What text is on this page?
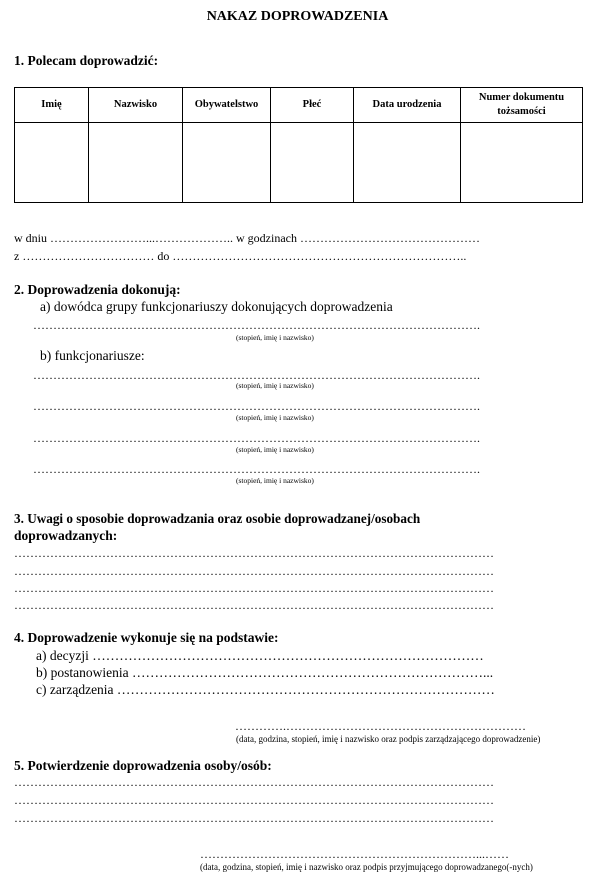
NAKAZ DOPROWADZENIA
1. Polecam doprowadzić:
Imię	Nazwisko	Obywatelstwo	Płeć	Data urodzenia	Numer dokumentu tożsamości

w dniu ……………………...……………….. w godzinach ………………………………………
z …………………………… do ………………………………………………………………..
2. Doprowadzenia dokonują:
a) dowódca grupy funkcjonariuszy dokonujących doprowadzenia
………………………………………………………………………………………………….
(stopień, imię i nazwisko)
b) funkcjonariusze:
………………………………………………………………………………………………….
(stopień, imię i nazwisko)
………………………………………………………………………………………………….
(stopień, imię i nazwisko)
………………………………………………………………………………………………….
(stopień, imię i nazwisko)
………………………………………………………………………………………………….
(stopień, imię i nazwisko)
3. Uwagi o sposobie doprowadzania oraz osobie doprowadzanej/osobach
doprowadzanych:
…………………………………………………………………………………………………………
…………………………………………………………………………………………………………
…………………………………………………………………………………………………………
…………………………………………………………………………………………………………
4. Doprowadzenie wykonuje się na podstawie:
a) decyzji ……………………………………………………………………………
b) postanowienia ……………………………………………………………………...
c) zarządzenia …………………………………………………………………………
………….……………………………………………………
(data, godzina, stopień, imię i nazwisko oraz podpis zarządzającego doprowadzenie)
5. Potwierdzenie doprowadzenia osoby/osób:
…………………………………………………………………………………………………………
…………………………………………………………………………………………………………
…………………………………………………………………………………………………………
……………………………………………………………...……
(data, godzina, stopień, imię i nazwisko oraz podpis przyjmującego doprowadzanego(-nych)
